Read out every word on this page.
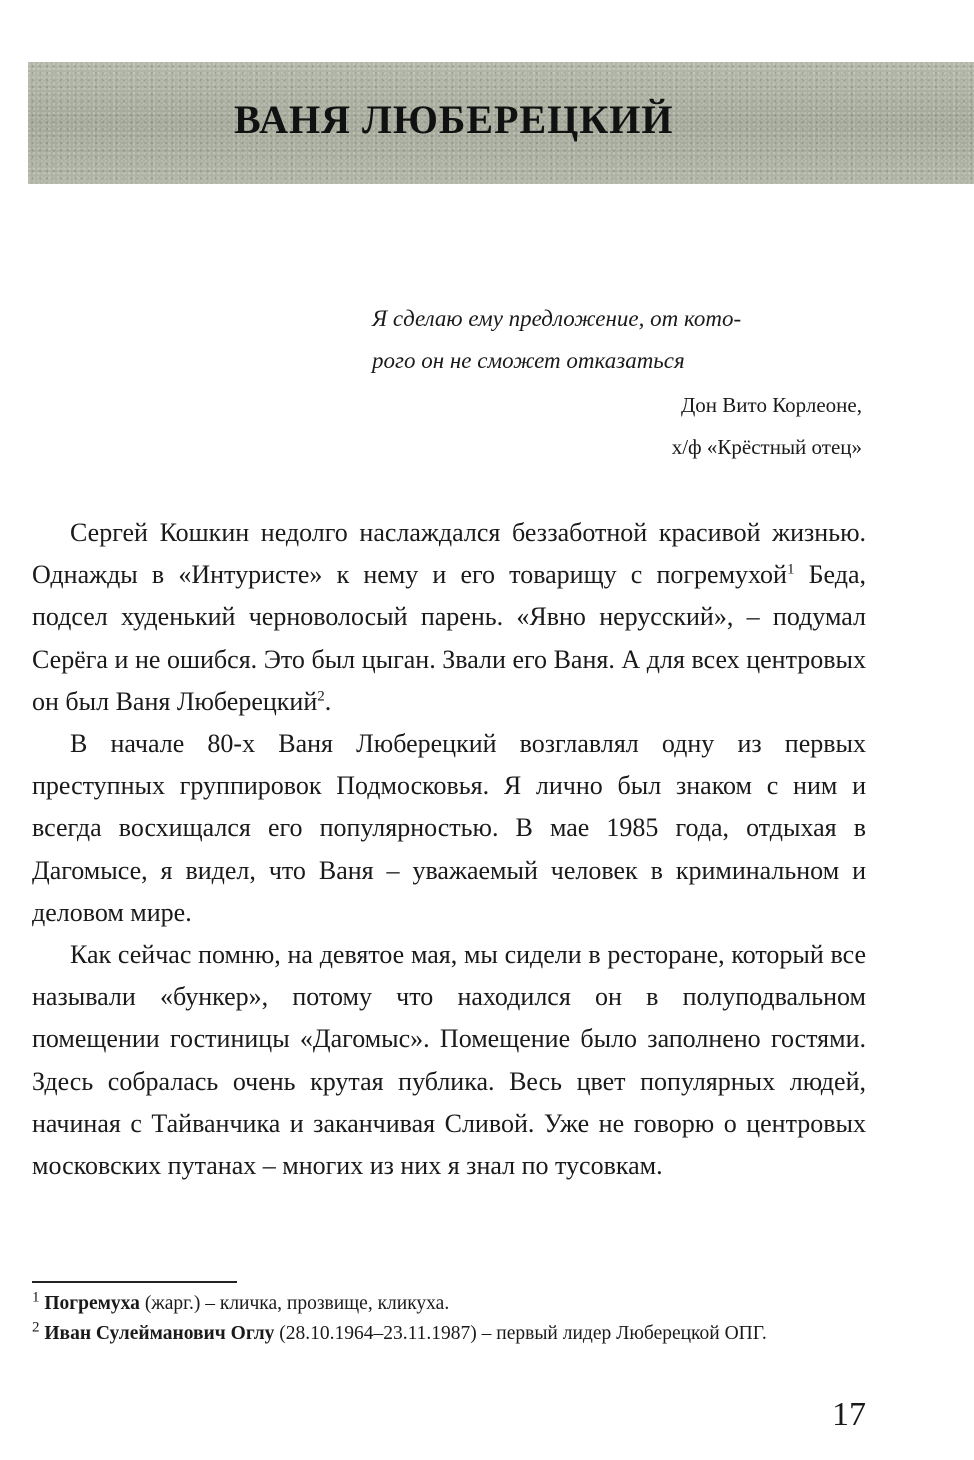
ВАНЯ ЛЮБЕРЕЦКИЙ

Я сделаю ему предложение, от кото-
рого он не сможет отказаться

Дон Вито Корлеоне,

х/ф «Крёстный отец»

Сергей Кошкин недолго наслаждался беззаботной красивой жизнью. Однажды в «Интуристе» к нему и его товарищу с погремухой$^1$ Беда, подсел худенький черноволосый парень. «Явно нерусский», – подумал Серёга и не ошибся. Это был цыган. Звали его Ваня. А для всех центровых он был Ваня Люберецкий$^2$.

В начале 80-х Ваня Люберецкий возглавлял одну из первых преступных группировок Подмосковья. Я лично был знаком с ним и всегда восхищался его популярностью. В мае 1985 года, отдыхая в Дагомысе, я видел, что Ваня – уважаемый человек в криминальном и деловом мире.

Как сейчас помню, на девятое мая, мы сидели в ресторане, который все называли «бункер», потому что находился он в полуподвальном помещении гостиницы «Дагомыс». Помещение было заполнено гостями. Здесь собралась очень крутая публика. Весь цвет популярных людей, начиная с Тайванчика и заканчивая Сливой. Уже не говорю о центровых московских путанах – многих из них я знал по тусовкам.

$^1$ Погремуха (жарг.) – кличка, прозвище, кликуха.

$^2$ Иван Сулейманович Оглу (28.10.1964–23.11.1987) – первый лидер Люберецкой ОПГ.

17
